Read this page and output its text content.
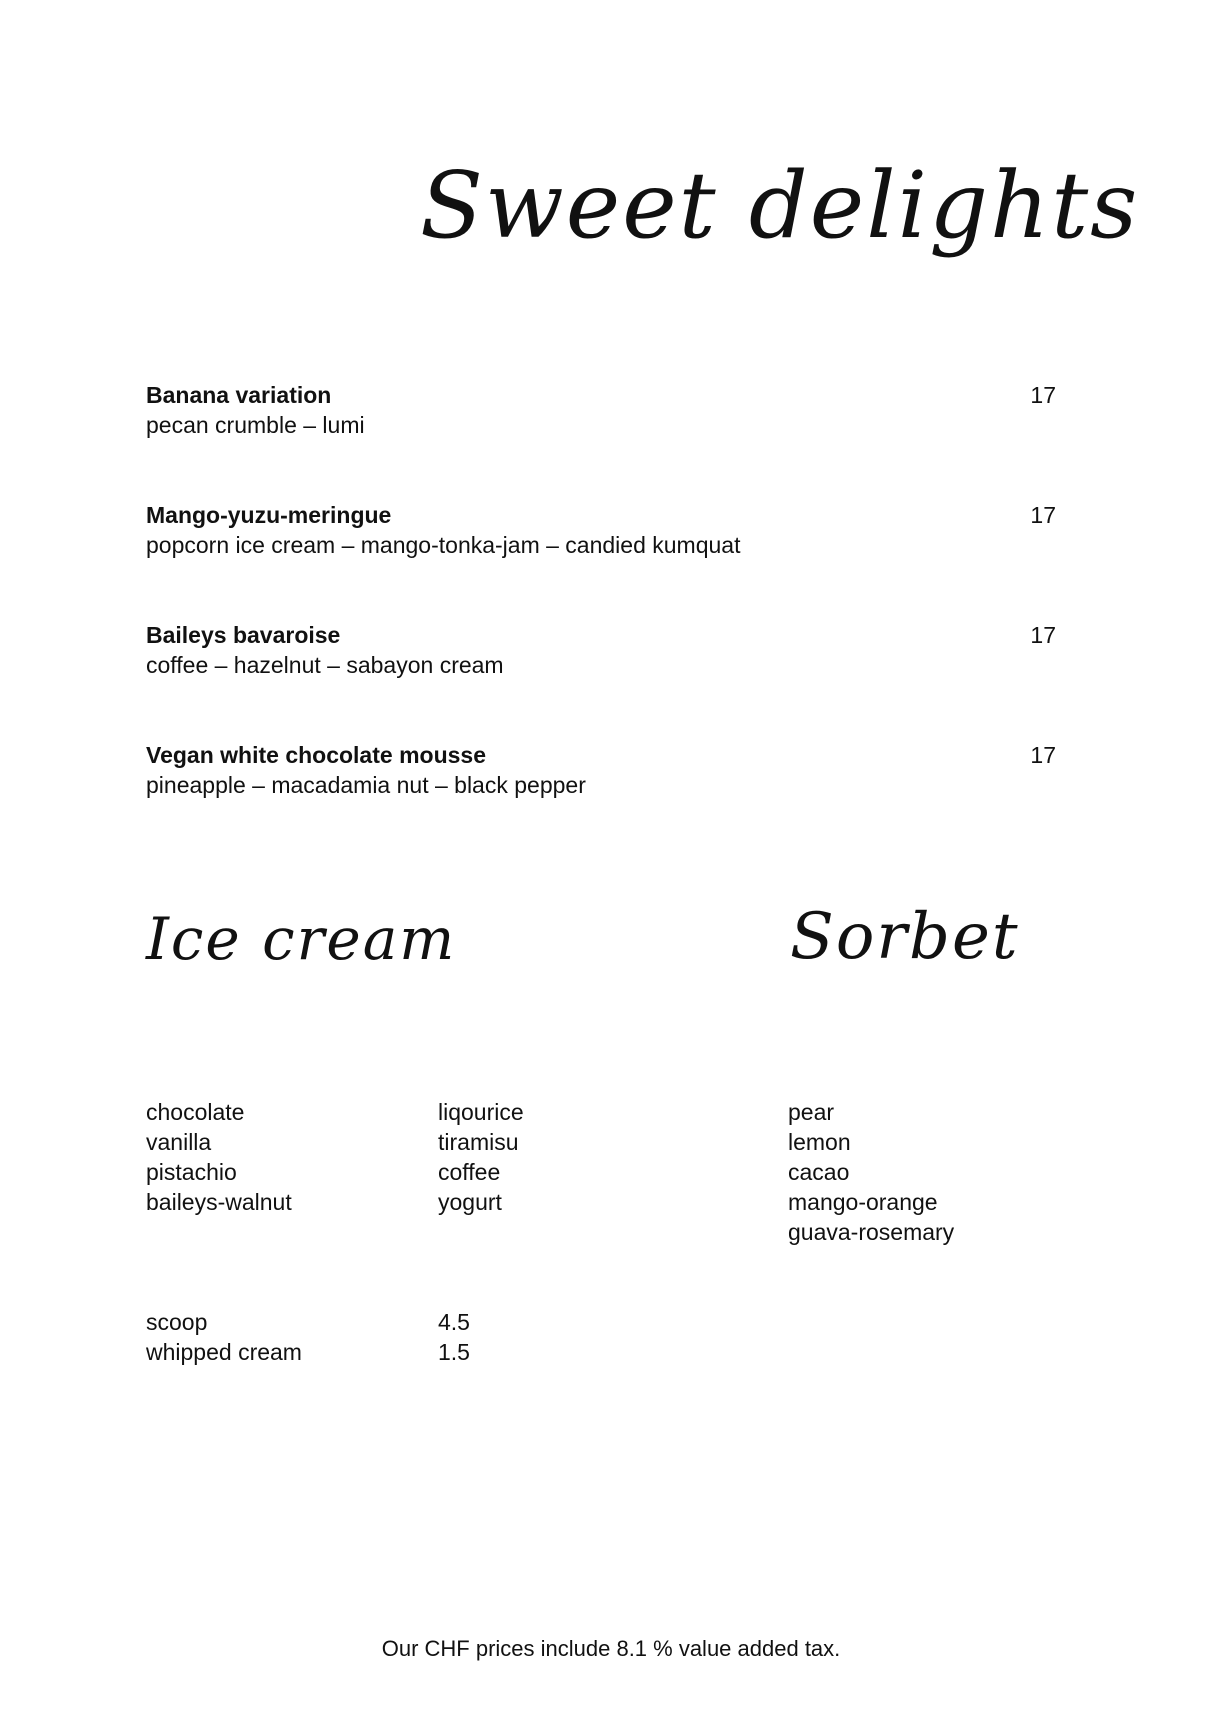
Sweet delights
Banana variation
pecan crumble – lumi
17
Mango-yuzu-meringue
popcorn ice cream – mango-tonka-jam – candied kumquat
17
Baileys bavaroise
coffee – hazelnut – sabayon cream
17
Vegan white chocolate mousse
pineapple – macadamia nut – black pepper
17
Ice cream	Sorbet
chocolate
vanilla
pistachio
baileys-walnut
liqourice
tiramisu
coffee
yogurt
pear
lemon
cacao
mango-orange
guava-rosemary
scoop
whipped cream
4.5
1.5
Our CHF prices include 8.1 % value added tax.
